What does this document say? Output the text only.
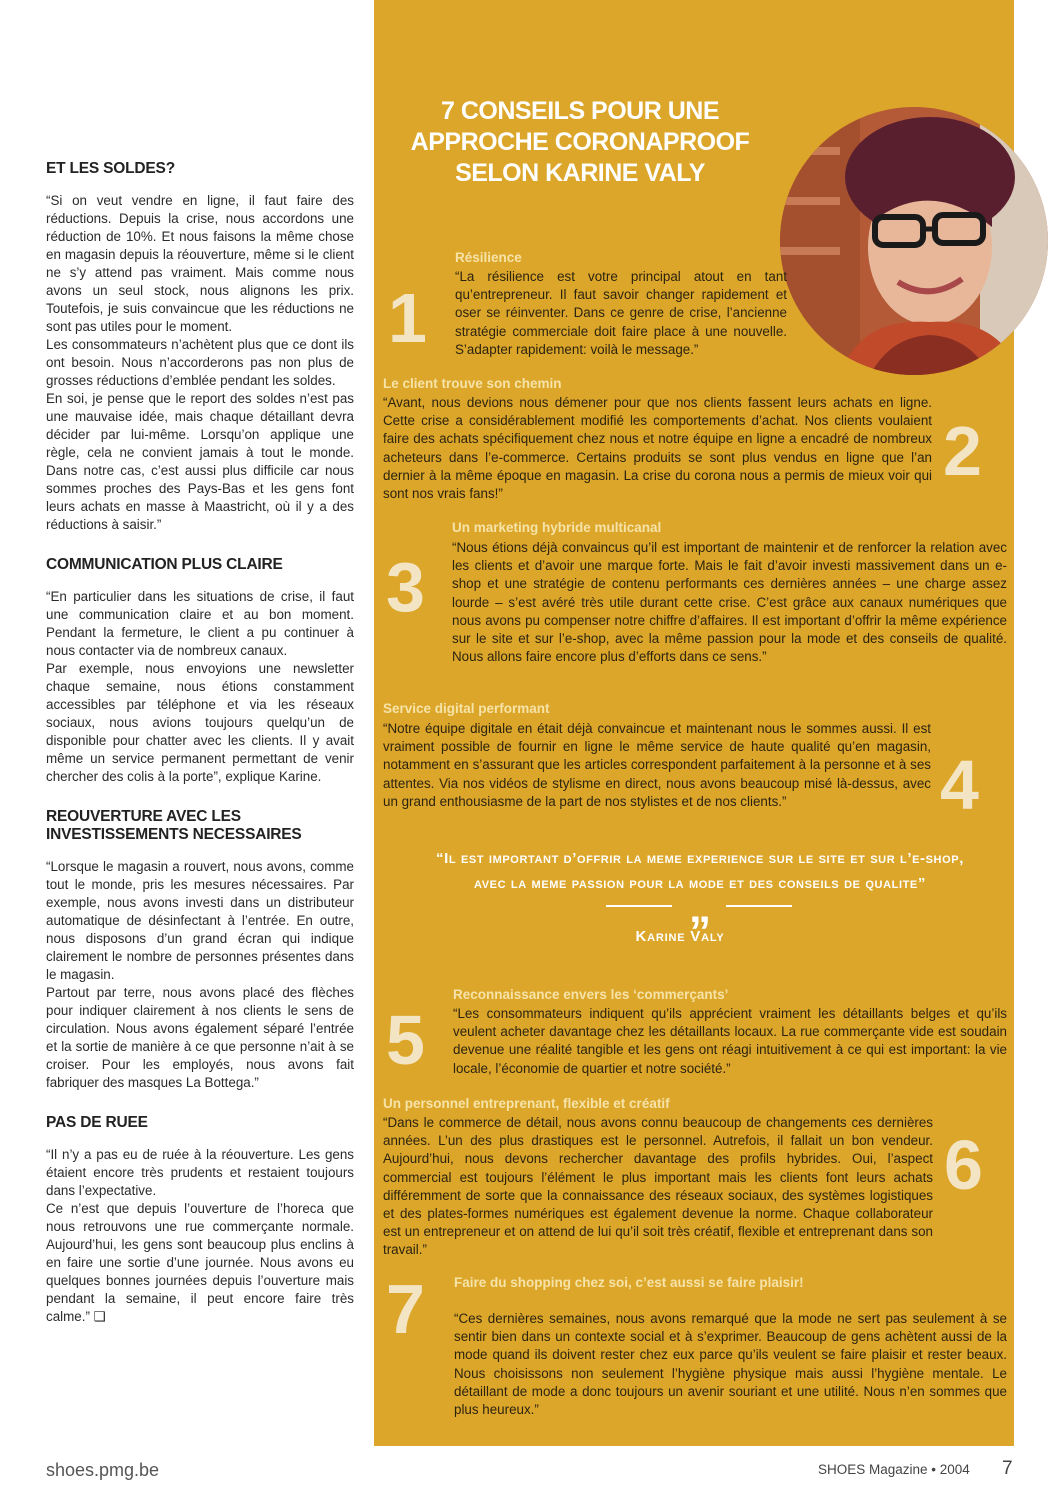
ET LES SOLDES?

“Si on veut vendre en ligne, il faut faire des réductions. Depuis la crise, nous accordons une réduction de 10%. Et nous faisons la même chose en magasin depuis la réouverture, même si le client ne s’y attend pas vraiment. Mais comme nous avons un seul stock, nous alignons les prix. Toutefois, je suis convaincue que les réductions ne sont pas utiles pour le moment.

Les consommateurs n’achètent plus que ce dont ils ont besoin. Nous n’accorderons pas non plus de grosses réductions d’emblée pendant les soldes.

En soi, je pense que le report des soldes n’est pas une mauvaise idée, mais chaque détaillant devra décider par lui-même. Lorsqu’on applique une règle, cela ne convient jamais à tout le monde. Dans notre cas, c’est aussi plus difficile car nous sommes proches des Pays-Bas et les gens font leurs achats en masse à Maastricht, où il y a des réductions à saisir.”

COMMUNICATION PLUS CLAIRE

“En particulier dans les situations de crise, il faut une communication claire et au bon moment. Pendant la fermeture, le client a pu continuer à nous contacter via de nombreux canaux.

Par exemple, nous envoyions une newsletter chaque semaine, nous étions constamment accessibles par téléphone et via les réseaux sociaux, nous avions toujours quelqu’un de disponible pour chatter avec les clients. Il y avait même un service permanent permettant de venir chercher des colis à la porte”, explique Karine.

REOUVERTURE AVEC LES INVESTISSEMENTS NECESSAIRES

“Lorsque le magasin a rouvert, nous avons, comme tout le monde, pris les mesures nécessaires. Par exemple, nous avons investi dans un distributeur automatique de désinfectant à l’entrée. En outre, nous disposons d’un grand écran qui indique clairement le nombre de personnes présentes dans le magasin.

Partout par terre, nous avons placé des flèches pour indiquer clairement à nos clients le sens de circulation. Nous avons également séparé l’entrée et la sortie de manière à ce que personne n’ait à se croiser. Pour les employés, nous avons fait fabriquer des masques La Bottega.”

PAS DE RUEE

“Il n’y a pas eu de ruée à la réouverture. Les gens étaient encore très prudents et restaient toujours dans l’expectative.

Ce n’est que depuis l’ouverture de l’horeca que nous retrouvons une rue commerçante normale. Aujourd’hui, les gens sont beaucoup plus enclins à en faire une sortie d’une journée. Nous avons eu quelques bonnes journées depuis l’ouverture mais pendant la semaine, il peut encore faire très calme.” ❑

7 CONSEILS POUR UNE APPROCHE CORONAPROOF SELON KARINE VALY
1
Résilience
“La résilience est votre principal atout en tant qu’entrepreneur. Il faut savoir changer rapidement et oser se réinventer. Dans ce genre de crise, l’ancienne stratégie commerciale doit faire place à une nouvelle. S’adapter rapidement: voilà le message.”
Le client trouve son chemin
“Avant, nous devions nous démener pour que nos clients fassent leurs achats en ligne. Cette crise a considérablement modifié les comportements d’achat. Nos clients voulaient faire des achats spécifiquement chez nous et notre équipe en ligne a encadré de nombreux acheteurs dans l’e-commerce. Certains produits se sont plus vendus en ligne que l’an dernier à la même époque en magasin. La crise du corona nous a permis de mieux voir qui sont nos vrais fans!”
2
3
Un marketing hybride multicanal
“Nous étions déjà convaincus qu’il est important de maintenir et de renforcer la relation avec les clients et d’avoir une marque forte. Mais le fait d’avoir investi massivement dans un e-shop et une stratégie de contenu performants ces dernières années – une charge assez lourde – s’est avéré très utile durant cette crise. C’est grâce aux canaux numériques que nous avons pu compenser notre chiffre d’affaires. Il est important d’offrir la même expérience sur le site et sur l’e-shop, avec la même passion pour la mode et des conseils de qualité. Nous allons faire encore plus d’efforts dans ce sens.”
Service digital performant
“Notre équipe digitale en était déjà convaincue et maintenant nous le sommes aussi. Il est vraiment possible de fournir en ligne le même service de haute qualité qu’en magasin, notamment en s’assurant que les articles correspondent parfaitement à la personne et à ses attentes. Via nos vidéos de stylisme en direct, nous avons beaucoup misé là-dessus, avec un grand enthousiasme de la part de nos stylistes et de nos clients.”	4
“Il est important d’offrir la meme experience sur le site et sur l’e-shop, avec la meme passion pour la mode et des conseils de qualite”
„
Karine Valy
5
Reconnaissance envers les ‘commerçants’
“Les consommateurs indiquent qu’ils apprécient vraiment les détaillants belges et qu’ils veulent acheter davantage chez les détaillants locaux. La rue commerçante vide est soudain devenue une réalité tangible et les gens ont réagi intuitivement à ce qui est important: la vie locale, l’économie de quartier et notre société.”
Un personnel entreprenant, flexible et créatif
“Dans le commerce de détail, nous avons connu beaucoup de changements ces dernières années. L’un des plus drastiques est le personnel. Autrefois, il fallait un bon vendeur. Aujourd’hui, nous devons rechercher davantage des profils hybrides. Oui, l’aspect commercial est toujours l’élément le plus important mais les clients font leurs achats différemment de sorte que la connaissance des réseaux sociaux, des systèmes logistiques et des plates-formes numériques est également devenue la norme. Chaque collaborateur est un entrepreneur et on attend de lui qu’il soit très créatif, flexible et entreprenant dans son travail.”
6
7 Faire du shopping chez soi, c’est aussi se faire plaisir!
“Ces dernières semaines, nous avons remarqué que la mode ne sert pas seulement à se sentir bien dans un contexte social et à s’exprimer. Beaucoup de gens achètent aussi de la mode quand ils doivent rester chez eux parce qu’ils veulent se faire plaisir et rester beaux. Nous choisissons non seulement l’hygiène physique mais aussi l’hygiène mentale. Le détaillant de mode a donc toujours un avenir souriant et une utilité. Nous n’en sommes que plus heureux.”
shoes.pmg.be	SHOES Magazine • 2004 7
